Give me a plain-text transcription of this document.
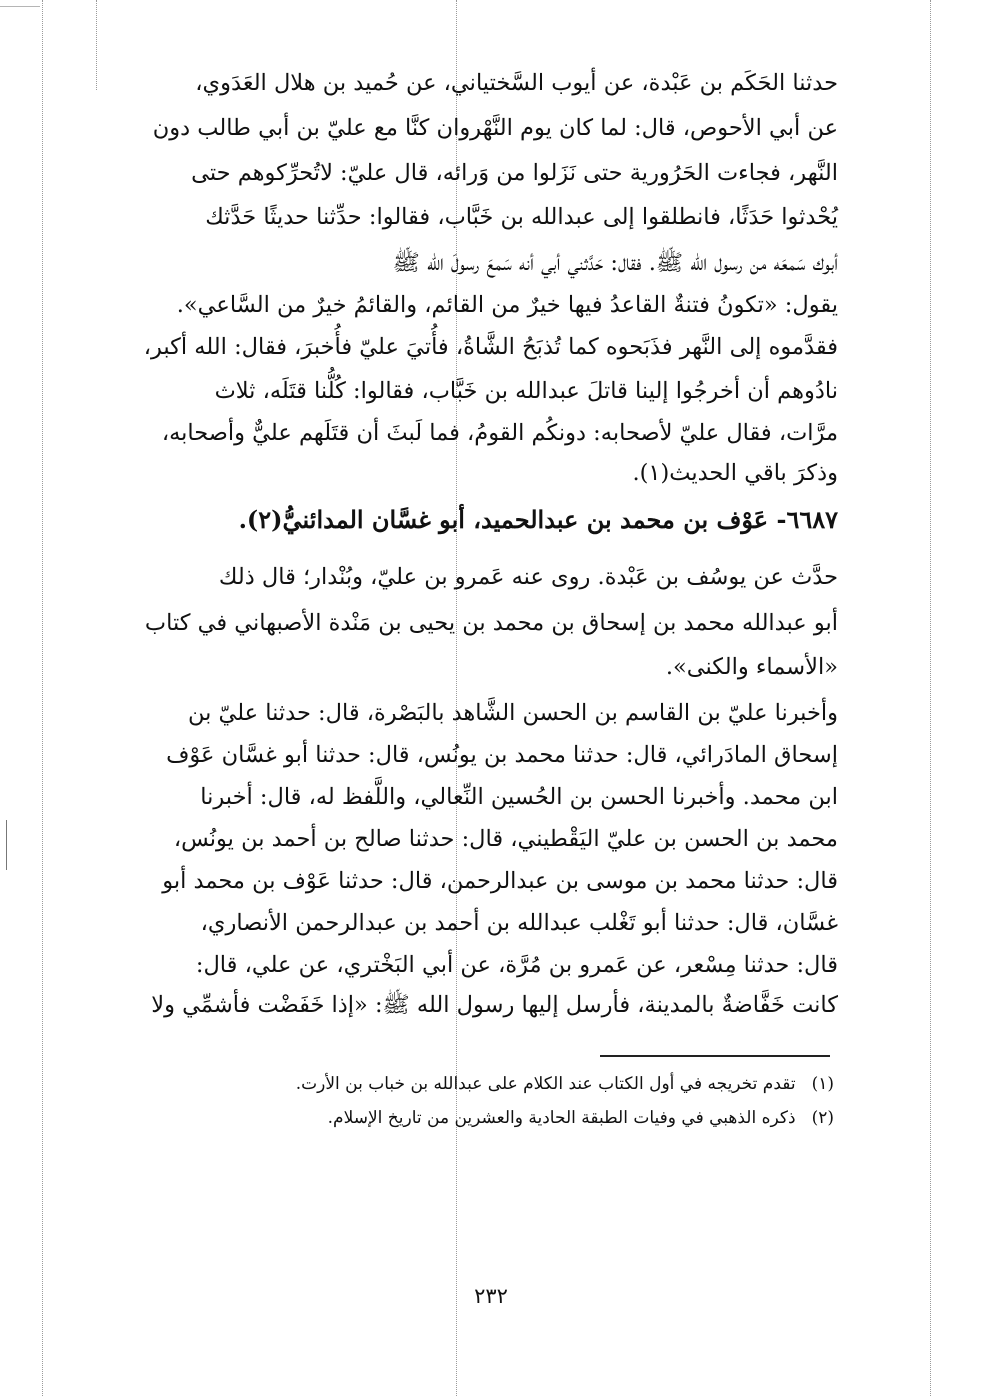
حدثنا الحَكَم بن عَبْدة، عن أيوب السَّختياني، عن حُميد بن هلال العَدَوي،
عن أبي الأحوص، قال: لما كان يوم النَّهْروان كنَّا مع عليّ بن أبي طالب دون
النَّهر، فجاءت الحَرُورية حتى نَزَلوا من وَرائه، قال عليّ: لاتُحرِّكوهم حتى
يُحْدثوا حَدَثًا، فانطلقوا إلى عبدالله بن خَبَّاب، فقالوا: حدِّثنا حديثًا حَدَّثك
أبوك سَمعَه من رسول الله ﷺ. فقال: حَدَّثني أبي أنه سَمعَ رسولَ الله ﷺ
يقول: «تكونُ فتنةٌ القاعدُ فيها خيرٌ من القائم، والقائمُ خيرٌ من السَّاعي».
فقدَّموه إلى النَّهر فذَبَحوه كما تُذبَحُ الشَّاةُ، فأُتيَ عليّ فأُخبرَ، فقال: الله أكبر،
نادُوهم أن أخرجُوا إلينا قاتلَ عبدالله بن خَبَّاب، فقالوا: كُلُّنا قتَلَه، ثلاث
مرَّات، فقال عليّ لأصحابه: دونكُم القومُ، فما لَبثَ أن قتَلَهم عليٌّ وأصحابه،
وذكرَ باقي الحديث(١).
٦٦٨٧- عَوْف بن محمد بن عبدالحميد، أبو غسَّان المدائنيُّ(٢).
حدَّث عن يوسُف بن عَبْدة. روى عنه عَمرو بن عليّ، وبُنْدار؛ قال ذلك
أبو عبدالله محمد بن إسحاق بن محمد بن يحيى بن مَنْدة الأصبهاني في كتاب
«الأسماء والكنى».
وأخبرنا عليّ بن القاسم بن الحسن الشَّاهد بالبَصْرة، قال: حدثنا عليّ بن
إسحاق المادَرائي، قال: حدثنا محمد بن يونُس، قال: حدثنا أبو غسَّان عَوْف
ابن محمد. وأخبرنا الحسن بن الحُسين النِّعالي، واللَّفظ له، قال: أخبرنا
محمد بن الحسن بن عليّ اليَقْطيني، قال: حدثنا صالح بن أحمد بن يونُس،
قال: حدثنا محمد بن موسى بن عبدالرحمن، قال: حدثنا عَوْف بن محمد أبو
غسَّان، قال: حدثنا أبو تَغْلب عبدالله بن أحمد بن عبدالرحمن الأنصاري،
قال: حدثنا مِسْعر، عن عَمرو بن مُرَّة، عن أبي البَخْتري، عن علي، قال:
كانت خَفَّاضةٌ بالمدينة، فأرسل إليها رسول الله ﷺ: «إذا خَفَضْت فأشمِّي ولا
(١)تقدم تخريجه في أول الكتاب عند الكلام على عبدالله بن خباب بن الأرت.
(٢)ذكره الذهبي في وفيات الطبقة الحادية والعشرين من تاريخ الإسلام.
٢٣٢
